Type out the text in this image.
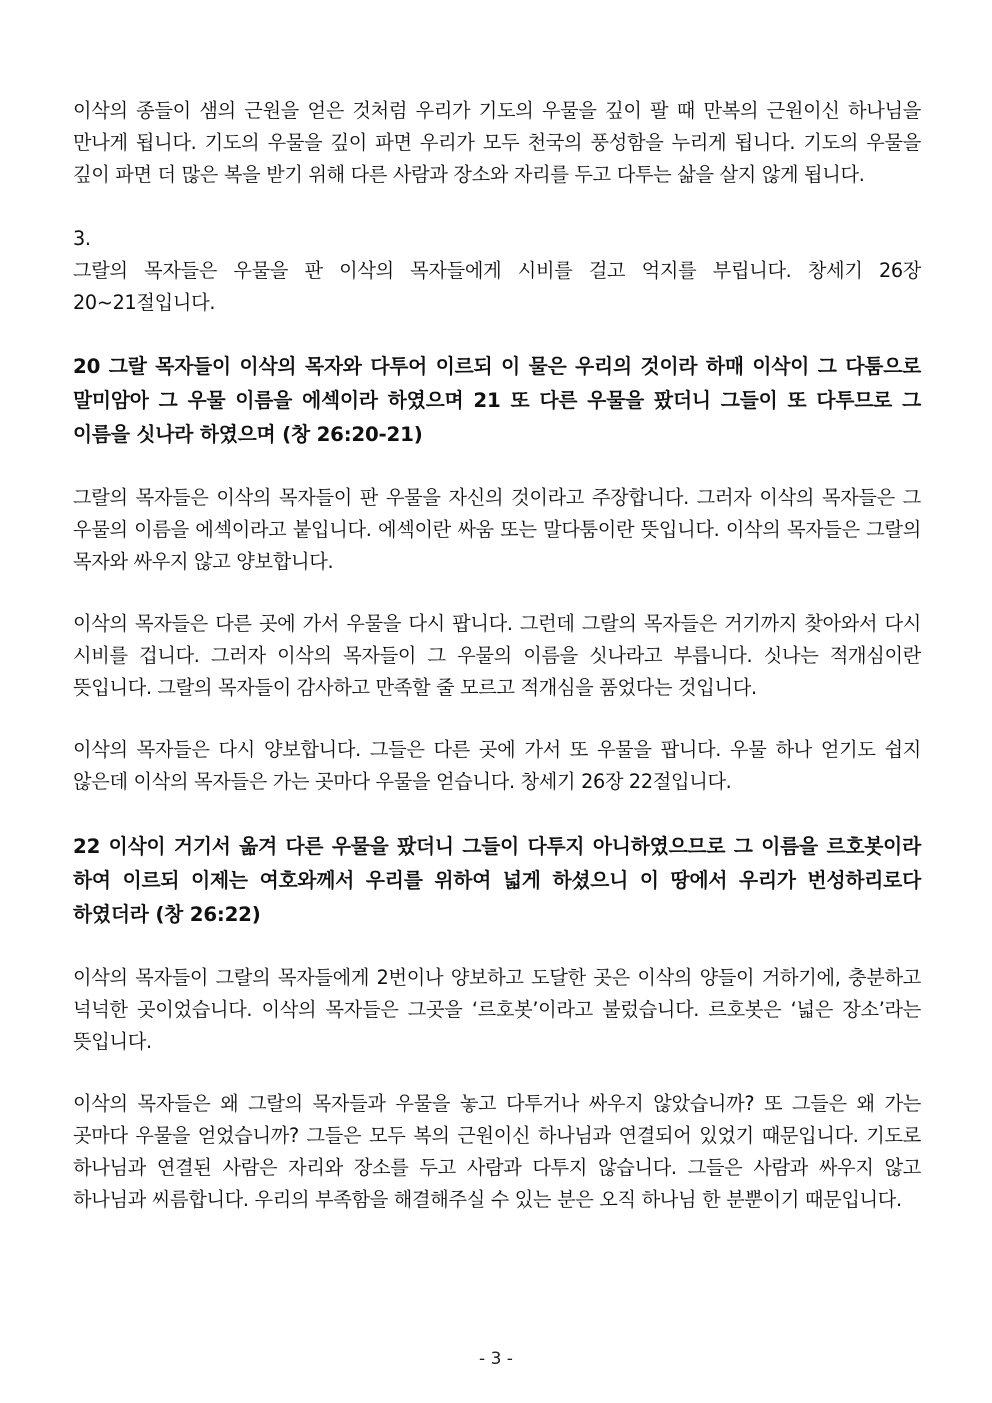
이삭의 종들이 샘의 근원을 얻은 것처럼 우리가 기도의 우물을 깊이 팔 때 만복의 근원이신 하나님을 만나게 됩니다. 기도의 우물을 깊이 파면 우리가 모두 천국의 풍성함을 누리게 됩니다. 기도의 우물을 깊이 파면 더 많은 복을 받기 위해 다른 사람과 장소와 자리를 두고 다투는 삶을 살지 않게 됩니다.

3.

그랄의 목자들은 우물을 판 이삭의 목자들에게 시비를 걸고 억지를 부립니다. 창세기 26장 20~21절입니다.

20 그랄 목자들이 이삭의 목자와 다투어 이르되 이 물은 우리의 것이라 하매 이삭이 그 다툼으로 말미암아 그 우물 이름을 에섹이라 하였으며 21 또 다른 우물을 팠더니 그들이 또 다투므로 그 이름을 싯나라 하였으며 (창 26:20-21)

그랄의 목자들은 이삭의 목자들이 판 우물을 자신의 것이라고 주장합니다. 그러자 이삭의 목자들은 그 우물의 이름을 에섹이라고 붙입니다. 에섹이란 싸움 또는 말다툼이란 뜻입니다. 이삭의 목자들은 그랄의 목자와 싸우지 않고 양보합니다.

이삭의 목자들은 다른 곳에 가서 우물을 다시 팝니다. 그런데 그랄의 목자들은 거기까지 찾아와서 다시 시비를 겁니다. 그러자 이삭의 목자들이 그 우물의 이름을 싯나라고 부릅니다. 싯나는 적개심이란 뜻입니다. 그랄의 목자들이 감사하고 만족할 줄 모르고 적개심을 품었다는 것입니다.

이삭의 목자들은 다시 양보합니다. 그들은 다른 곳에 가서 또 우물을 팝니다. 우물 하나 얻기도 쉽지 않은데 이삭의 목자들은 가는 곳마다 우물을 얻습니다. 창세기 26장 22절입니다.

22 이삭이 거기서 옮겨 다른 우물을 팠더니 그들이 다투지 아니하였으므로 그 이름을 르호봇이라 하여 이르되 이제는 여호와께서 우리를 위하여 넓게 하셨으니 이 땅에서 우리가 번성하리로다 하였더라 (창 26:22)

이삭의 목자들이 그랄의 목자들에게 2번이나 양보하고 도달한 곳은 이삭의 양들이 거하기에, 충분하고 넉넉한 곳이었습니다. 이삭의 목자들은 그곳을 ‘르호봇’이라고 불렀습니다. 르호봇은 ‘넓은 장소’라는 뜻입니다.

이삭의 목자들은 왜 그랄의 목자들과 우물을 놓고 다투거나 싸우지 않았습니까? 또 그들은 왜 가는 곳마다 우물을 얻었습니까? 그들은 모두 복의 근원이신 하나님과 연결되어 있었기 때문입니다. 기도로 하나님과 연결된 사람은 자리와 장소를 두고 사람과 다투지 않습니다. 그들은 사람과 싸우지 않고 하나님과 씨름합니다. 우리의 부족함을 해결해주실 수 있는 분은 오직 하나님 한 분뿐이기 때문입니다.

- 3 -
